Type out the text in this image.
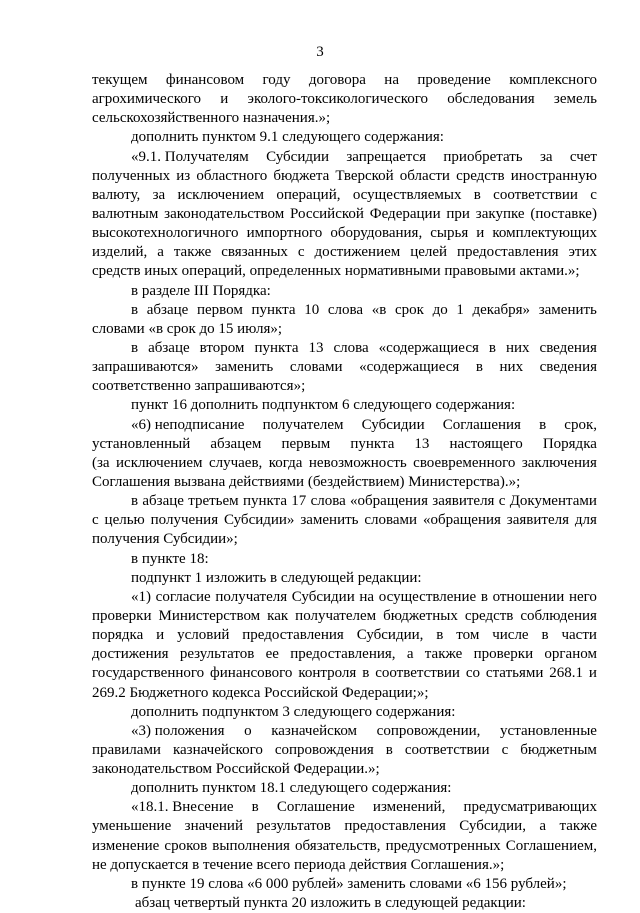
3
текущем финансовом году договора на проведение комплексного
агрохимического и эколого-токсикологического обследования земель
сельскохозяйственного назначения.»;
дополнить пунктом 9.1 следующего содержания:
«9.1. Получателям Субсидии запрещается приобретать за счет
полученных из областного бюджета Тверской области средств иностранную
валюту, за исключением операций, осуществляемых в соответствии с
валютным законодательством Российской Федерации при закупке (поставке)
высокотехнологичного импортного оборудования, сырья и комплектующих
изделий, а также связанных с достижением целей предоставления этих
средств иных операций, определенных нормативными правовыми актами.»;
в разделе III Порядка:
в абзаце первом пункта 10 слова «в срок до 1 декабря» заменить
словами «в срок до 15 июля»;
в абзаце втором пункта 13 слова «содержащиеся в них сведения
запрашиваются» заменить словами «содержащиеся в них сведения
соответственно запрашиваются»;
пункт 16 дополнить подпунктом 6 следующего содержания:
«6) неподписание получателем Субсидии Соглашения в срок,
установленный абзацем первым пункта 13 настоящего Порядка
(за исключением случаев, когда невозможность своевременного заключения
Соглашения вызвана действиями (бездействием) Министерства).»;
в абзаце третьем пункта 17 слова «обращения заявителя с Документами
с целью получения Субсидии» заменить словами «обращения заявителя для
получения Субсидии»;
в пункте 18:
подпункт 1 изложить в следующей редакции:
«1) согласие получателя Субсидии на осуществление в отношении него
проверки Министерством как получателем бюджетных средств соблюдения
порядка и условий предоставления Субсидии, в том числе в части
достижения результатов ее предоставления, а также проверки органом
государственного финансового контроля в соответствии со статьями 268.1 и
269.2 Бюджетного кодекса Российской Федерации;»;
дополнить подпунктом 3 следующего содержания:
«3) положения о казначейском сопровождении, установленные
правилами казначейского сопровождения в соответствии с бюджетным
законодательством Российской Федерации.»;
дополнить пунктом 18.1 следующего содержания:
«18.1. Внесение в Соглашение изменений, предусматривающих
уменьшение значений результатов предоставления Субсидии, а также
изменение сроков выполнения обязательств, предусмотренных Соглашением,
не допускается в течение всего периода действия Соглашения.»;
в пункте 19 слова «6 000 рублей» заменить словами «6 156 рублей»;
абзац четвертый пункта 20 изложить в следующей редакции:
